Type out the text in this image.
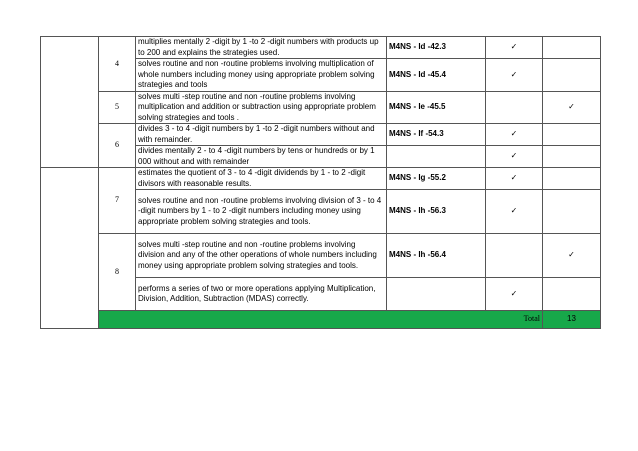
	4	multiplies mentally 2 -digit by 1 -to 2 -digit numbers with products up to 200 and explains the strategies used.	M4NS - Id -42.3	✓		
		solves routine and non -routine problems involving multiplication of whole numbers including money using appropriate problem solving strategies and tools	M4NS - Id -45.4	✓		
	5	solves multi -step routine and non -routine problems involving multiplication and addition or subtraction using appropriate problem solving strategies and tools .	M4NS - Ie -45.5		✓	
	6	divides 3 - to 4 -digit numbers by 1 -to 2 -digit numbers without and with remainder.	M4NS - If -54.3	✓		
		divides mentally 2 - to 4 -digit numbers by tens or hundreds or by 1 000 without and with remainder		✓		
	7	estimates the quotient of 3 - to 4 -digit dividends by 1 - to 2 -digit divisors with reasonable results.	M4NS - Ig -55.2	✓		
		solves routine and non -routine problems involving division of 3 - to 4 -digit numbers by 1 - to 2 -digit numbers including money using appropriate problem solving strategies and tools.	M4NS - Ih -56.3	✓		
	8	solves multi -step routine and non -routine problems involving division and any of the other operations of whole numbers including money using appropriate problem solving strategies and tools.	M4NS - Ih -56.4		✓	
		performs a series of two or more operations applying Multiplication, Division, Addition, Subtraction (MDAS) correctly.		✓		
	Total				13	
